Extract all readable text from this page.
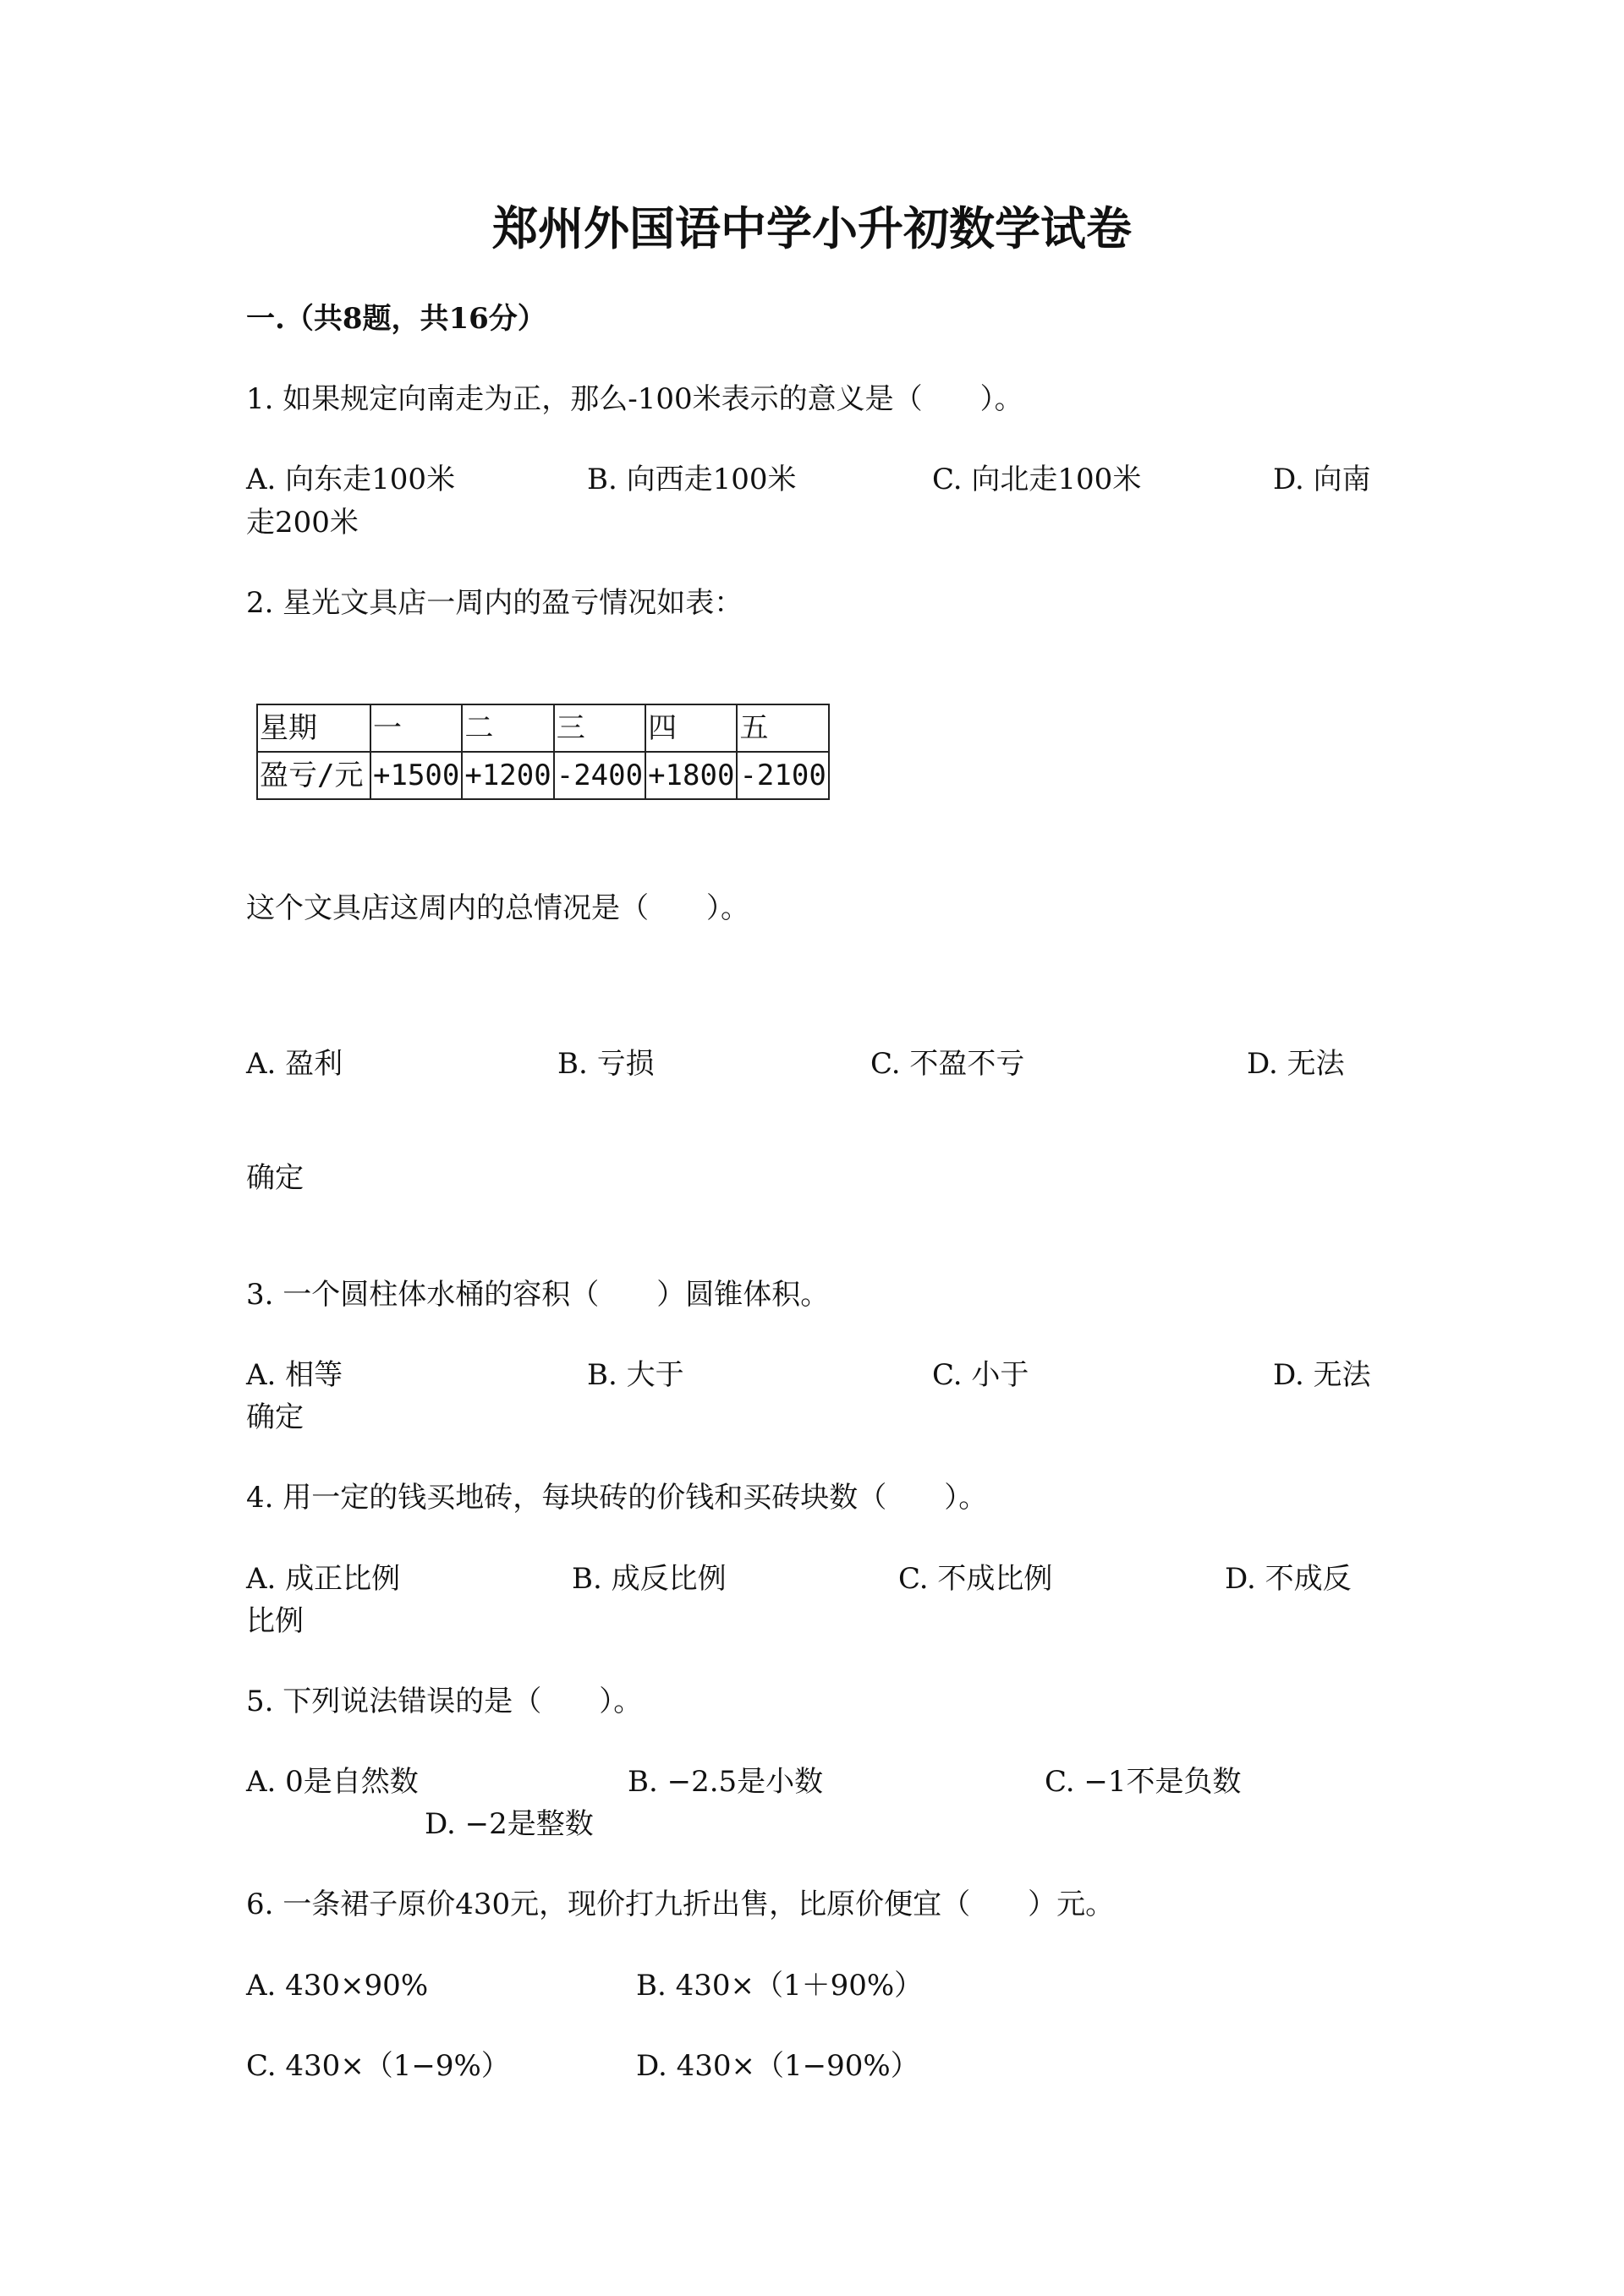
郑州外国语中学小升初数学试卷
一.（共8题，共16分）
1. 如果规定向南走为正，那么-100米表示的意义是（　　）。
A. 向东走100米	B. 向西走100米	C. 向北走100米	D. 向南
走200米
2. 星光文具店一周内的盈亏情况如表：
星期	一	二	三	四	五
盈亏/元	+1500	+1200	-2400	+1800	-2100
这个文具店这周内的总情况是（　　）。
A. 盈利	B. 亏损	C. 不盈不亏	D. 无法
确定
3. 一个圆柱体水桶的容积（　　）圆锥体积。
A. 相等	B. 大于	C. 小于	D. 无法
确定
4. 用一定的钱买地砖，每块砖的价钱和买砖块数（　　）。
A. 成正比例	B. 成反比例	C. 不成比例	D. 不成反
比例
5. 下列说法错误的是（　　）。
A. 0是自然数	B. −2.5是小数	C. −1不是负数
D. −2是整数
6. 一条裙子原价430元，现价打九折出售，比原价便宜（　　）元。
A. 430×90%	B. 430×（1＋90%）
C. 430×（1−9%）	D. 430×（1−90%）
